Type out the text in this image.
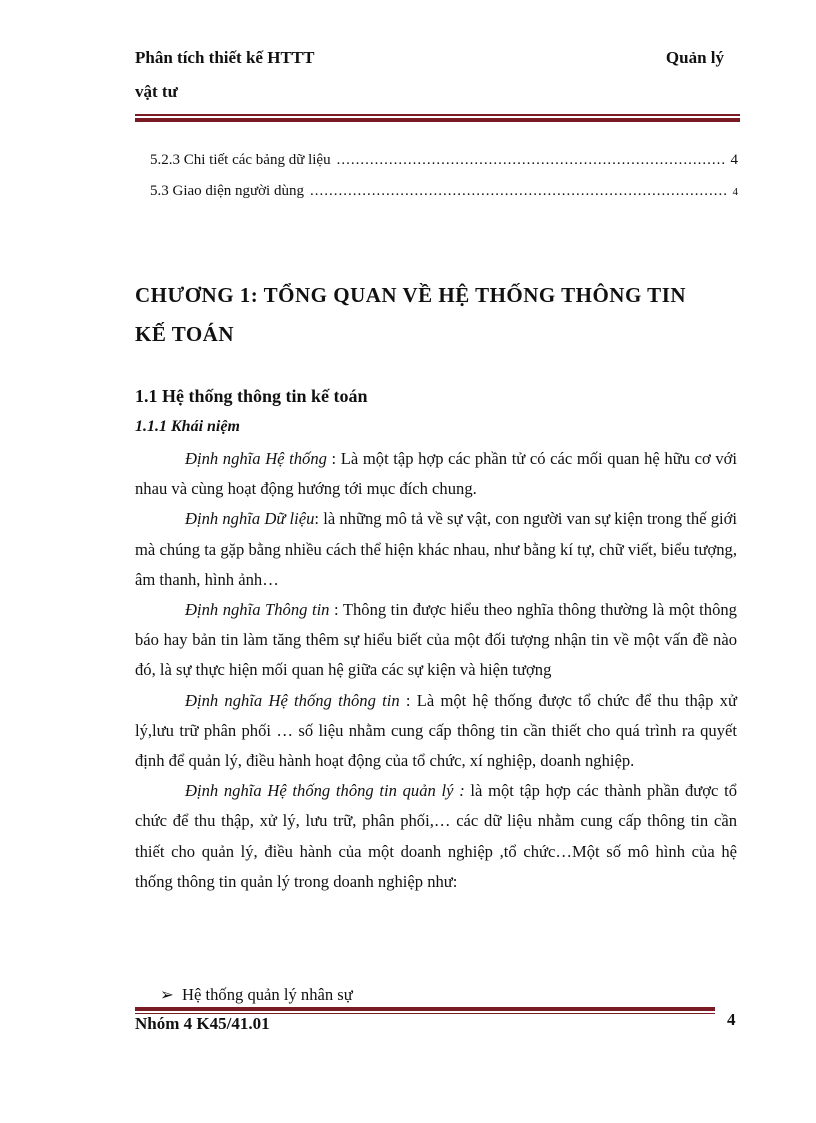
Phân tích thiết kế HTTT
vật tư
Quản lý
5.2.3 Chi tiết các bảng dữ liệu .....	4
5.3 Giao diện người dùng .....	4
CHƯƠNG 1: TỔNG QUAN VỀ HỆ THỐNG THÔNG TIN
KẾ TOÁN
1.1 Hệ thống thông tin kế toán
1.1.1 Khái niệm

Định nghĩa Hệ thống : Là một tập hợp các phần tử có các mối quan hệ hữu cơ với nhau và cùng hoạt động hướng tới mục đích chung.

Định nghĩa Dữ liệu: là những mô tả về sự vật, con người van sự kiện trong thế giới mà chúng ta gặp bằng nhiều cách thể hiện khác nhau, như bằng kí tự, chữ viết, biểu tượng, âm thanh, hình ảnh…

Định nghĩa Thông tin : Thông tin được hiểu theo nghĩa thông thường là một thông báo hay bản tin làm tăng thêm sự hiểu biết của một đối tượng nhận tin về một vấn đề nào đó, là sự thực hiện mối quan hệ giữa các sự kiện và hiện tượng

Định nghĩa Hệ thống thông tin : Là một hệ thống được tổ chức để thu thập xử lý,lưu trữ phân phối … số liệu nhằm cung cấp thông tin cần thiết cho quá trình ra quyết định để quản lý, điều hành hoạt động của tổ chức, xí nghiệp, doanh nghiệp.

Định nghĩa Hệ thống thông tin quản lý : là một tập hợp các thành phần được tổ chức để thu thập, xử lý, lưu trữ, phân phối,… các dữ liệu nhằm cung cấp thông tin cần thiết cho quản lý, điều hành của một doanh nghiệp ,tổ chức…Một số mô hình của hệ thống thông tin quản lý trong doanh nghiệp như:

➢ Hệ thống quản lý nhân sự
Nhóm 4 K45/41.01	4
